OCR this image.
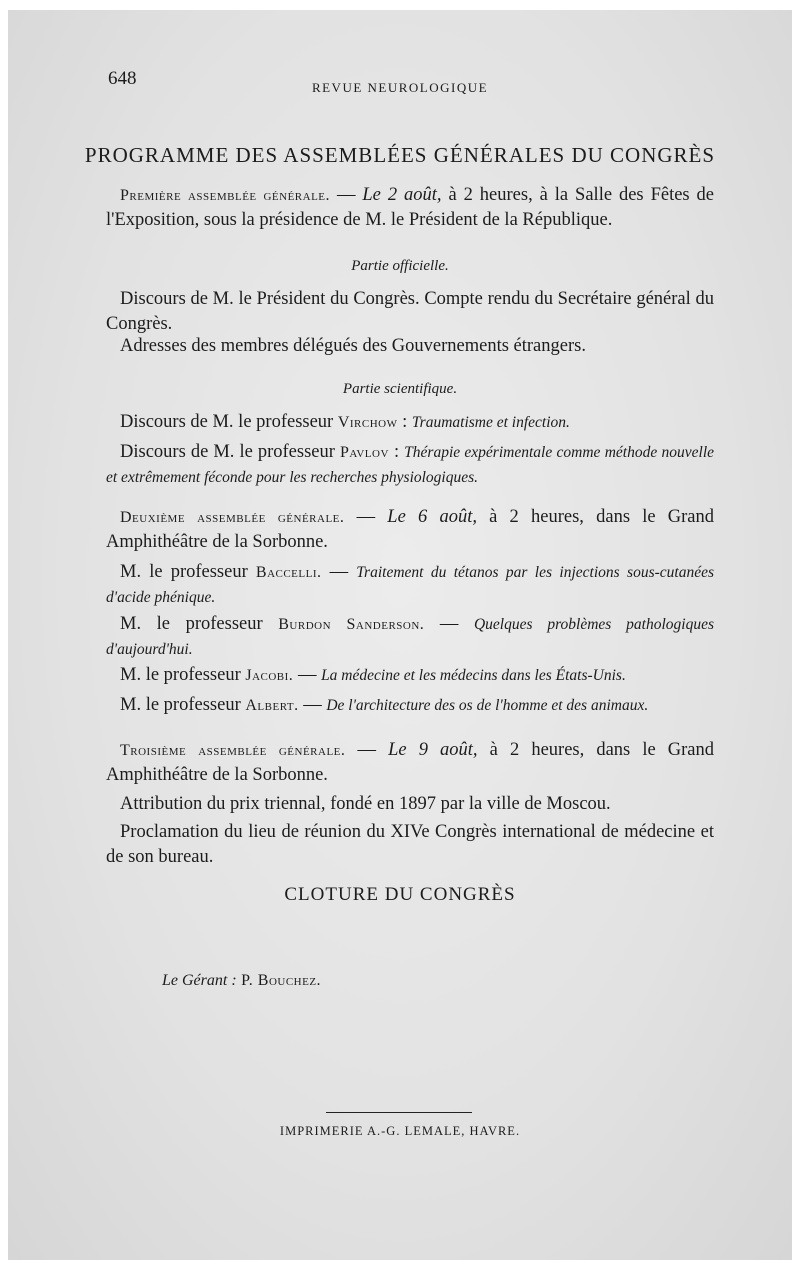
648	REVUE NEUROLOGIQUE
PROGRAMME DES ASSEMBLÉES GÉNÉRALES DU CONGRÈS
Première assemblée générale. — Le 2 août, à 2 heures, à la Salle des Fêtes de l'Exposition, sous la présidence de M. le Président de la République.
Partie officielle.
Discours de M. le Président du Congrès. Compte rendu du Secrétaire général du Congrès.
Adresses des membres délégués des Gouvernements étrangers.
Partie scientifique.
Discours de M. le professeur Virchow : Traumatisme et infection.
Discours de M. le professeur Pavlov : Thérapie expérimentale comme méthode nouvelle et extrêmement féconde pour les recherches physiologiques.
Deuxième assemblée générale. — Le 6 août, à 2 heures, dans le Grand Amphithéâtre de la Sorbonne.
M. le professeur Baccelli. — Traitement du tétanos par les injections sous-cutanées d'acide phénique.
M. le professeur Burdon Sanderson. — Quelques problèmes pathologiques d'aujourd'hui.
M. le professeur Jacobi. — La médecine et les médecins dans les États-Unis.
M. le professeur Albert. — De l'architecture des os de l'homme et des animaux.
Troisième assemblée générale. — Le 9 août, à 2 heures, dans le Grand Amphithéâtre de la Sorbonne.
Attribution du prix triennal, fondé en 1897 par la ville de Moscou.
Proclamation du lieu de réunion du XIVe Congrès international de médecine et de son bureau.
CLOTURE DU CONGRÈS
Le Gérant : P. Bouchez.
IMPRIMERIE A.-G. LEMALE, HAVRE.
